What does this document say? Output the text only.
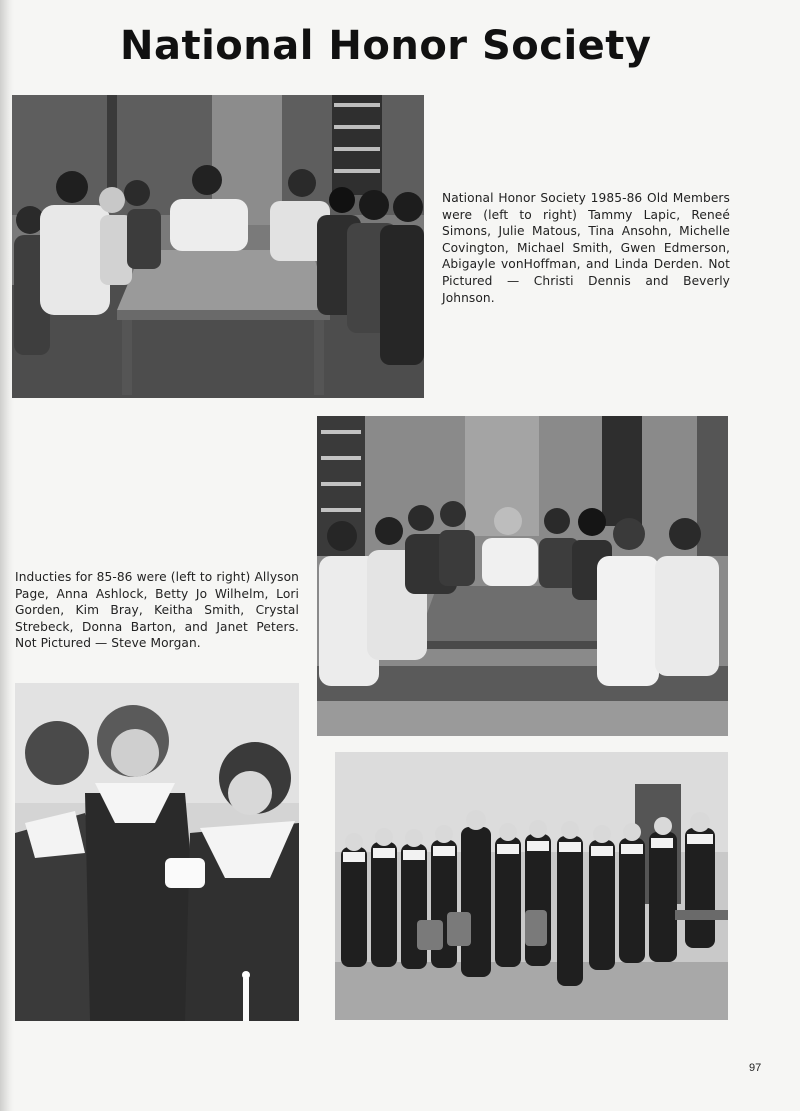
National Honor Society

National Honor Society 1985-86 Old Members were (left to right) Tammy Lapic, Reneé Simons, Julie Matous, Tina Ansohn, Michelle Covington, Michael Smith, Gwen Edmerson, Abigayle vonHoffman, and Linda Derden. Not Pictured — Christi Dennis and Beverly Johnson.

Inducties for 85-86 were (left to right) Allyson Page, Anna Ashlock, Betty Jo Wilhelm, Lori Gorden, Kim Bray, Keitha Smith, Crystal Strebeck, Donna Barton, and Janet Peters. Not Pictured — Steve Morgan.

97
